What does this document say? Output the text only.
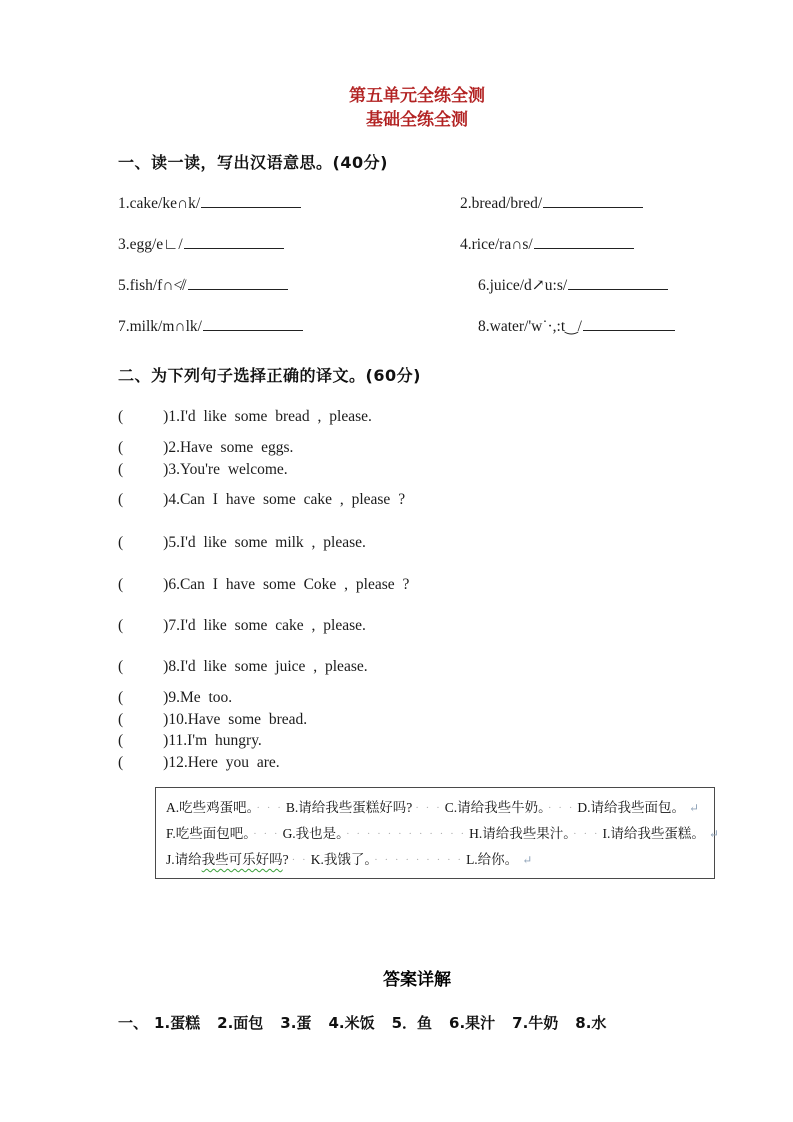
第五单元全练全测
基础全练全测
一、读一读，写出汉语意思。(40分)
1.cake/ke∩k/	2.bread/bred/
3.egg/e∟/	4.rice/ra∩s/
5.fish/f∩≮/	6.juice/d↗u:s/
7.milk/m∩lk/	8.water/'w˙·,:t‿/
二、为下列句子选择正确的译文。(60分)
(	)1.I'd like some bread , please.
(	)2.Have some eggs.
(	)3.You're welcome.
(	)4.Can I have some cake , please ?
(	)5.I'd like some milk , please.
(	)6.Can I have some Coke , please ?
(	)7.I'd like some cake , please.
(	)8.I'd like some juice , please.
(	)9.Me too.
(	)10.Have some bread.
(	)11.I'm hungry.
(	)12.Here you are.
A.吃些鸡蛋吧。 · · · B.请给我些蛋糕好吗? · · · C.请给我些牛奶。 · · · D.请给我些面包。 ↵
F.吃些面包吧。 · · · G.我也是。 · · · · · · · · · · · · H.请给我些果汁。 · · · I.请给我些蛋糕。 ↵
J.请给我些可乐好吗? · · K.我饿了。 · · · · · · · · · L.给你。 ↵
答案详解
一、 1.蛋糕 2.面包 3.蛋 4.米饭 5．鱼 6.果汁 7.牛奶 8.水
